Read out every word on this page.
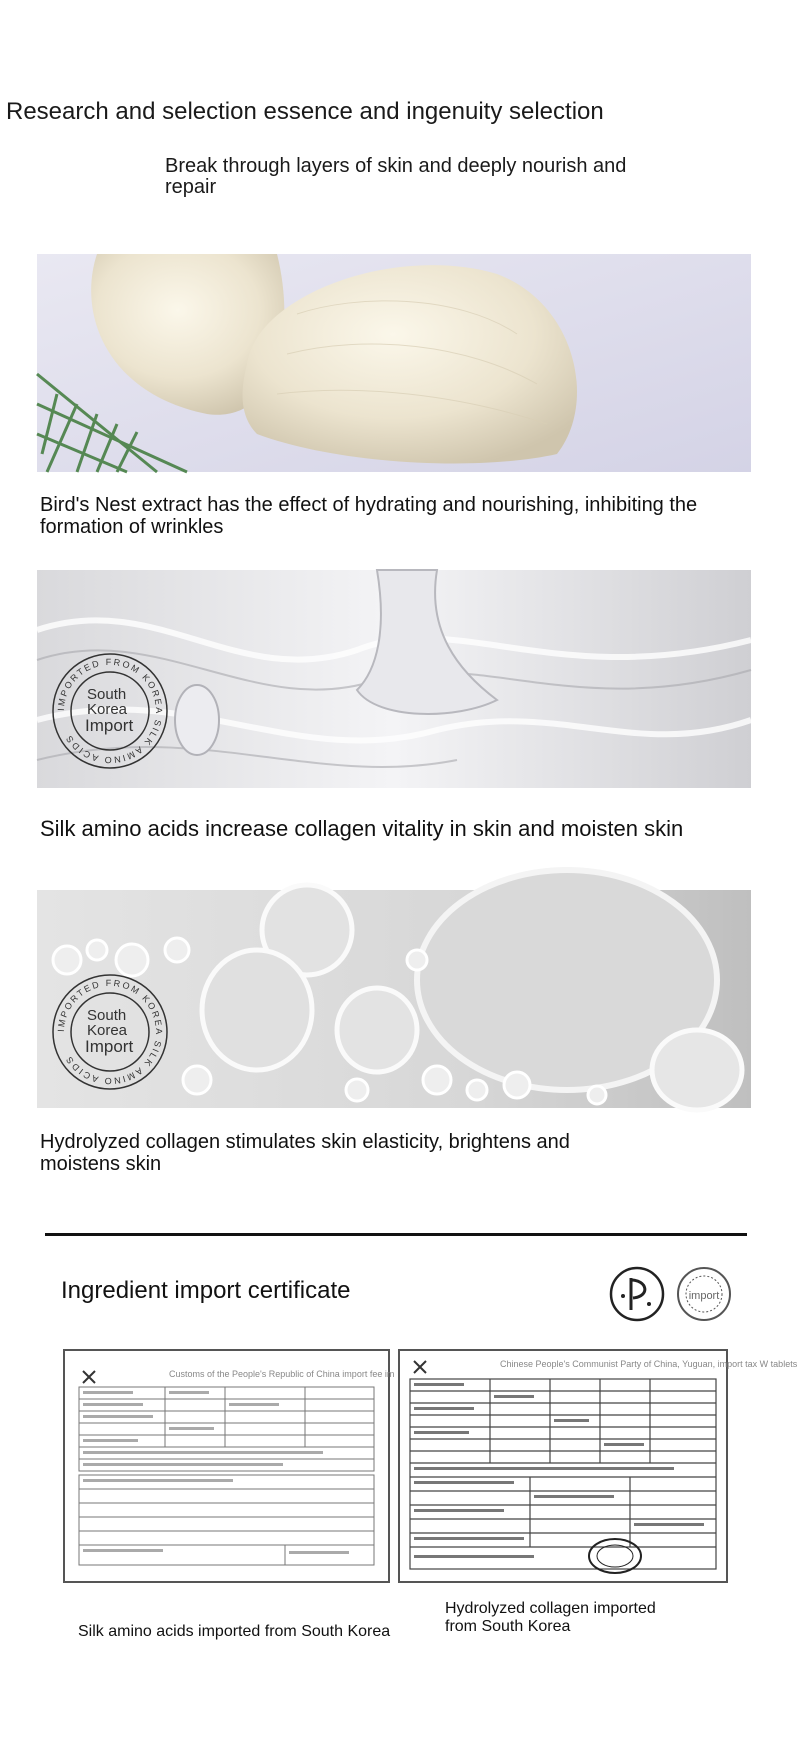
Research and selection essence and ingenuity selection
Break through layers of skin and deeply nourish and repair
Bird's Nest extract has the effect of hydrating and nourishing, inhibiting the formation of wrinkles
IMPORTED FROM KOREA SILK AMINO ACIDS
South
Korea
Import
Silk amino acids increase collagen vitality in skin and moisten skin
IMPORTED FROM KOREA SILK AMINO ACIDS
South
Korea
Import
Hydrolyzed collagen stimulates skin elasticity, brightens and moistens skin
Ingredient import certificate	import
Customs of the People's Republic of China import fee im
Chinese People's Communist Party of China, Yuguan, import tax W tablets
Silk amino acids imported from South Korea
Hydrolyzed collagen imported from South Korea
